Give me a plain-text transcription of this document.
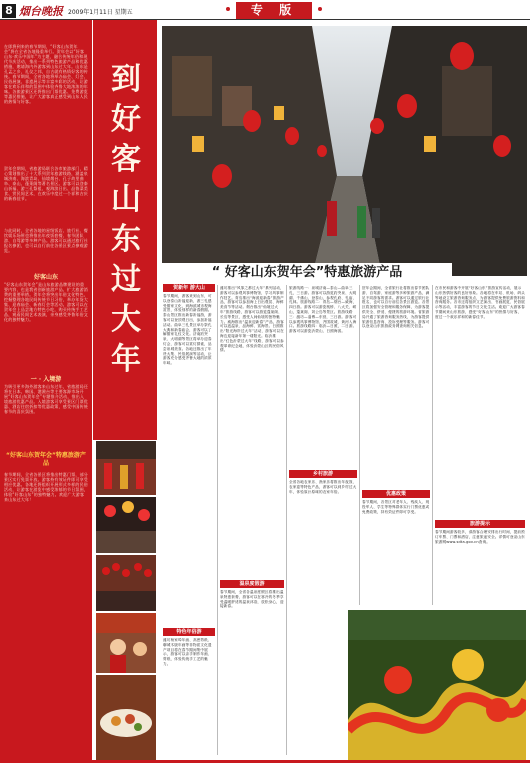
8 烟台晚报 2009年1月11日 星期五	专 版
在即将到来的春节期间，“好客山东贺年会”将在全省各地隆重举行。贺年会以“好客山东·欢乐中国年”为主题，融合传统年俗和现代节庆活动，推出一系列特色旅游产品和优惠措施，邀请海内外游客到山东过大年。山东是孔孟之乡，礼仪之邦，自古就有热情好客的传统。春节期间，全省各地将举办庙会、灯会、民俗展演、非遗展示等丰富多彩的活动，让游客在欢乐祥和的氛围中体验齐鲁大地浓浓的年味。各旅游景区还将推出门票优惠、免费游览等惠民措施，让广大游客真正感受到山东人民的热情与好客。
贺年会期间，省旅游局联合各市旅游部门，精心策划推出了十大系列贺年旅游线路，涵盖泉城济南、海滨青岛、仙境烟台、孔子故里曲阜、泰山、蓬莱阁等著名景区。游客可以登泰山祈福、游三孔祭祖、观海滨日出、品鲁菜美食、赏民间艺术，在欢乐中度过一个祥和吉庆的新春佳节。
与此同时，全省各地的星级饭店、旅行社、餐饮娱乐场所也将推出年夜饭套餐、春节团队游、自驾游等多种产品。游客可以通过旅行社报名参团，也可以自行前往各景区景点参观游览。
好客山东
“好客山东贺年会”是山东旅游品牌建设的重要内容，也是我省创新旅游产品、扩大旅游消费的重要举措。贺年会将突出年俗文化特色，挖掘整理各地民间传统节日习俗，举办年货大集、迎春庙会、新春灯会等活动。游客可以在贺年会上品尝地方特色小吃，购买传统手工艺品，观看民间艺术表演，亲身感受齐鲁年俗文化的独特魅力。
一 · 入境游
为吸引更多海外游客来山东过年，省旅游局还将在日本、韩国、港澳台等主要客源市场开展“好客山东贺年会”专题推介活动，推出入境旅游优惠产品。入境游客可享受景区门票优惠、酒店住宿折扣等优惠政策，感受中国传统春节的喜庆氛围。
“好客山东贺年会”特惠旅游产品
春节期间，全省各景区将推出特惠门票，部分景区实行免票开放。游客持有效证件即可享受相应优惠。各地还将组织开展形式多样的民俗活动，让游客在游览中感受浓郁的节日氛围，体验“好客山东”的独特魅力。欢迎广大游客来山东过大年！
到
好
客
山
东
过
大
年
“ 好客山东贺年会”特惠旅游产品
贺新年 游大山
春节期间，游客来到山东，可以登泰山祈福迎新，游三孔感受儒家文化，到海滨城市观海赏景，体验别样的新春假期。泰山景区推出新春祈福游，游客可以登顶观日出，参加祈福活动。曲阜三孔景区举办祭孔大典和新春庙会，游客可以了解儒家礼仪文化。济南趵突泉、大明湖等景区将举办迎春灯会，游客可以赏灯猜谜，品尝泉城美食。各地还推出了年货大集、民俗展演等活动，让游客充分感受齐鲁大地的浓浓年味。
特色年俗游
潍坊杨家埠年画、高密剪纸、聊城木版年画等非物质文化遗产项目将在春节期间集中展示，游客可以亲手制作年画、剪纸，体验传统手工艺的魅力。
潍坊推出“风筝之都过大年”系列活动，游客可以参观风筝博物馆，学习风筝制作技艺。青岛推出“海滨迎新春”旅游产品，游客可以参加海上日出观赏、海鲜美食节等活动。烟台推出“仙境过大年”旅游线路，游客可以游览蓬莱阁、长岛等景区，感受人间仙境的独特魅力。威海推出“温泉迎新春”产品，游客可以泡温泉、品海鲜、赏海景。日照推出“阳光海岸过大年”活动，游客可以在海边迎接新年第一缕阳光。临沂推出“红色沂蒙过大年”线路，游客可以参观革命纪念地，体验沂蒙山区的民俗风情。
温泉度假游
春节期间，全省各温泉度假区将推出温泉特惠套餐，游客可以在寒冷的冬季享受温暖舒适的温泉沐浴，放松身心，迎接新春。
旅游线路一：泉城济南—泰山—曲阜三孔，三日游。游客可以游览趵突泉、大明湖、千佛山，登泰山，参观孔府、孔庙、孔林。旅游线路二：青岛—烟台—威海，四日游。游客可以游览栈桥、八大关、崂山，蓬莱阁、刘公岛等景区。旅游线路三：潍坊—淄博—东营，三日游。游客可以参观风筝博物馆、齐国故城、黄河入海口。旅游线路四：临沂—日照，二日游。游客可以游览沂蒙山、日照海滨。
乡村旅游
全省各地农家乐、渔家乐将推出年夜饭、农家宴等特色产品，游客可以到乡村过大年，体验原汁原味的农家年俗。
贺年会期间，全省旅行社将推出春节团队游、自驾游、家庭游等多种旅游产品，满足不同游客的需求。游客可以通过旅行社报名，也可以自行前往各景区游览。各景区将加强安全管理和服务保障，为游客提供安全、舒适、便捷的旅游环境。省旅游局开通了旅游咨询服务热线，为游客提供旅游信息咨询、投诉受理等服务。游客可以登录山东旅游政务网查询相关信息。
优惠政策
春节期间，各景区对老年人、残疾人、现役军人、学生等特殊群体实行门票优惠或免费政策，持有效证件即可享受。
在市民和游客中开展“好客山东”旅游宣传活动，展示山东热情好客的良好形象。各地将在车站、机场、码头等地设立旅游咨询服务点，为游客提供免费旅游资料和咨询服务。各市还将组织文艺演出、书画展览、民俗展示等活动，丰富游客的节日文化生活。欢迎广大游客春节期间来山东旅游，感受“好客山东”的热情与好客，度过一个欢乐祥和的新春佳节。
旅游提示
春节期间游客较多，请游客合理安排出行时间，提前预订车票、门票和酒店，注意旅途安全。详情可登录山东旅游网www.sdta.gov.cn查询。
